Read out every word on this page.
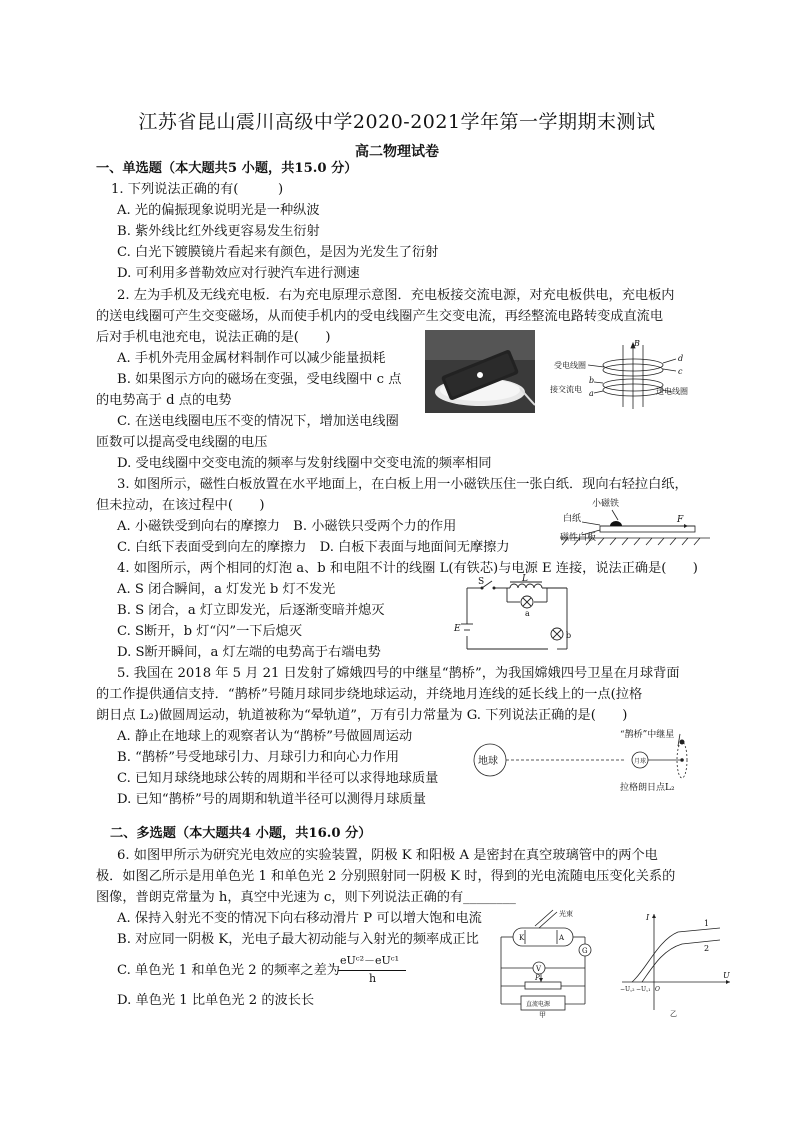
江苏省昆山震川高级中学2020-2021学年第一学期期末测试
高二物理试卷
一、单选题（本大题共5 小题，共15.0 分）
1. 下列说法正确的有(　　　)
A. 光的偏振现象说明光是一种纵波
B. 紫外线比红外线更容易发生衍射
C. 白光下镀膜镜片看起来有颜色，是因为光发生了衍射
D. 可利用多普勒效应对行驶汽车进行测速
2. 左为手机及无线充电板．右为充电原理示意图．充电板接交流电源，对充电板供电，充电板内
的送电线圈可产生交变磁场，从而使手机内的受电线圈产生交变电流，再经整流电路转变成直流电
后对手机电池充电，说法正确的是(　　)
A. 手机外壳用金属材料制作可以减少能量损耗
B. 如果图示方向的磁场在变强，受电线圈中 c 点
的电势高于 d 点的电势
C. 在送电线圈电压不变的情况下，增加送电线圈
匝数可以提高受电线圈的电压
D. 受电线圈中交变电流的频率与发射线圈中交变电流的频率相同
B
d
c
b
a
受电线圈
接交流电	送电线圈
3. 如图所示，磁性白板放置在水平地面上，在白板上用一小磁铁压住一张白纸．现向右轻拉白纸，
但未拉动，在该过程中(　　)
A. 小磁铁受到向右的摩擦力　B. 小磁铁只受两个力的作用
C. 白纸下表面受到向左的摩擦力　D. 白板下表面与地面间无摩擦力
小磁铁
白纸
磁性白板
F
4. 如图所示，两个相同的灯泡 a、b 和电阻不计的线圈 L(有铁芯)与电源 E 连接，说法正确是(　　)
A. S 闭合瞬间，a 灯发光 b 灯不发光
B. S 闭合，a 灯立即发光，后逐渐变暗并熄灭
C. S断开，b 灯“闪”一下后熄灭
D. S断开瞬间，a 灯左端的电势高于右端电势
L
S
a
b
E
5. 我国在 2018 年 5 月 21 日发射了嫦娥四号的中继星“鹊桥”，为我国嫦娥四号卫星在月球背面
的工作提供通信支持．“鹊桥”号随月球同步绕地球运动，并绕地月连线的延长线上的一点(拉格
朗日点 L₂)做圆周运动，轨道被称为“晕轨道”，万有引力常量为 G. 下列说法正确的是(　　)
A. 静止在地球上的观察者认为“鹊桥”号做圆周运动
B. “鹊桥”号受地球引力、月球引力和向心力作用
C. 已知月球绕地球公转的周期和半径可以求得地球质量
D. 已知“鹊桥”号的周期和轨道半径可以测得月球质量
地球	月球
“鹊桥”中继星
拉格朗日点L₂
二、多选题（本大题共4 小题，共16.0 分）
6. 如图甲所示为研究光电效应的实验装置，阴极 K 和阳极 A 是密封在真空玻璃管中的两个电
极．如图乙所示是用单色光 1 和单色光 2 分别照射同一阴极 K 时，得到的光电流随电压变化关系的
图像，普朗克常量为 h，真空中光速为 c，则下列说法正确的有________
A. 保持入射光不变的情况下向右移动滑片 P 可以增大饱和电流
B. 对应同一阴极 K，光电子最大初动能与入射光的频率成正比
C. 单色光 1 和单色光 2 的频率之差为
eUᶜ²－eUᶜ¹
h
D. 单色光 1 比单色光 2 的波长长
光束
K	A
G
V
P
直流电源
甲
I
U
1
2
−U꜀₂ −U꜀₁ O
乙
